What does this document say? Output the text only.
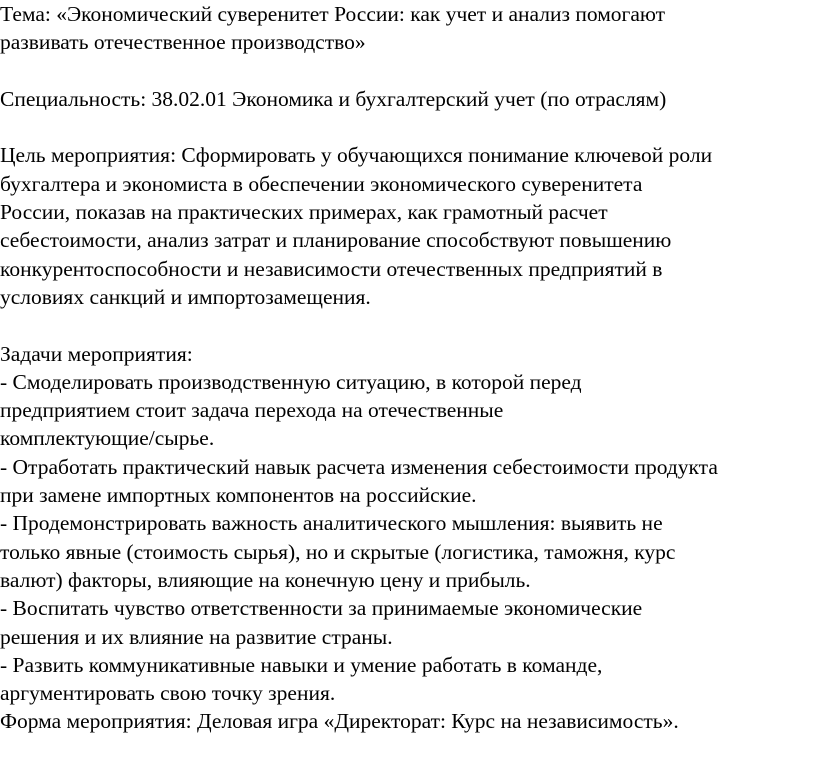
Тема: «Экономический суверенитет России: как учет и анализ помогают
развивать отечественное производство»
Специальность: 38.02.01 Экономика и бухгалтерский учет (по отраслям)
Цель мероприятия: Сформировать у обучающихся понимание ключевой роли
бухгалтера и экономиста в обеспечении экономического суверенитета
России, показав на практических примерах, как грамотный расчет
себестоимости, анализ затрат и планирование способствуют повышению
конкурентоспособности и независимости отечественных предприятий в
условиях санкций и импортозамещения.
Задачи мероприятия:
- Смоделировать производственную ситуацию, в которой перед
предприятием стоит задача перехода на отечественные
комплектующие/сырье.
- Отработать практический навык расчета изменения себестоимости продукта
при замене импортных компонентов на российские.
- Продемонстрировать важность аналитического мышления: выявить не
только явные (стоимость сырья), но и скрытые (логистика, таможня, курс
валют) факторы, влияющие на конечную цену и прибыль.
- Воспитать чувство ответственности за принимаемые экономические
решения и их влияние на развитие страны.
- Развить коммуникативные навыки и умение работать в команде,
аргументировать свою точку зрения.
Форма мероприятия: Деловая игра «Директорат: Курс на независимость».
